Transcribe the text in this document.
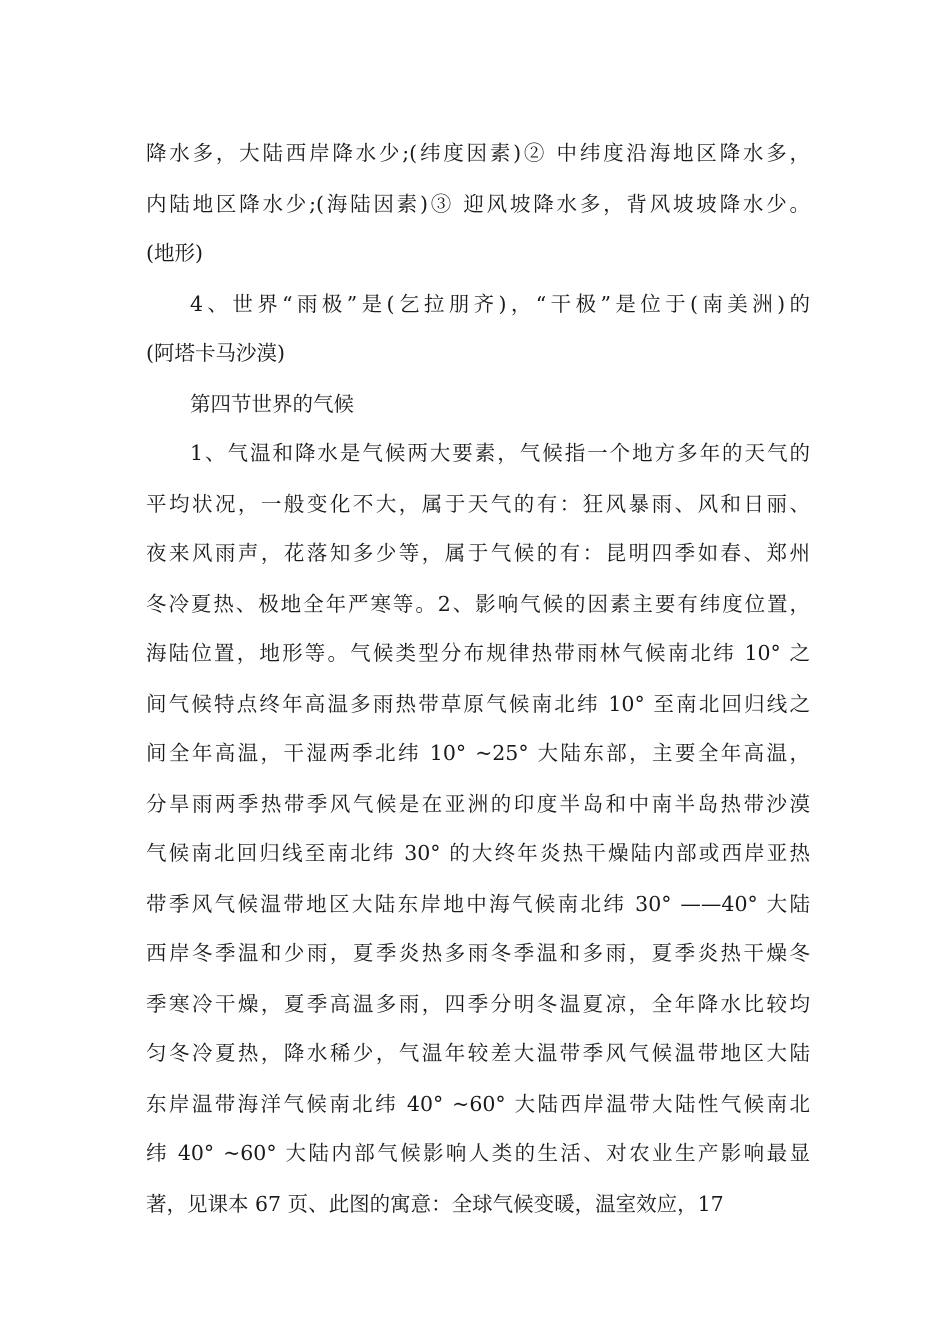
降水多，大陆西岸降水少;(纬度因素)② 中纬度沿海地区降水多，
内陆地区降水少;(海陆因素)③ 迎风坡降水多，背风坡坡降水少。
(地形)
4、世界“雨极”是(乞拉朋齐)，“干极”是位于(南美洲)的
(阿塔卡马沙漠)
第四节世界的气候
1、气温和降水是气候两大要素，气候指一个地方多年的天气的
平均状况，一般变化不大，属于天气的有：狂风暴雨、风和日丽、
夜来风雨声，花落知多少等，属于气候的有：昆明四季如春、郑州
冬冷夏热、极地全年严寒等。2、影响气候的因素主要有纬度位置，
海陆位置，地形等。气候类型分布规律热带雨林气候南北纬 10° 之
间气候特点终年高温多雨热带草原气候南北纬 10° 至南北回归线之
间全年高温，干湿两季北纬 10° ~25° 大陆东部，主要全年高温，
分旱雨两季热带季风气候是在亚洲的印度半岛和中南半岛热带沙漠
气候南北回归线至南北纬 30° 的大终年炎热干燥陆内部或西岸亚热
带季风气候温带地区大陆东岸地中海气候南北纬 30° ——40° 大陆
西岸冬季温和少雨，夏季炎热多雨冬季温和多雨，夏季炎热干燥冬
季寒冷干燥，夏季高温多雨，四季分明冬温夏凉，全年降水比较均
匀冬冷夏热，降水稀少，气温年较差大温带季风气候温带地区大陆
东岸温带海洋气候南北纬 40° ~60° 大陆西岸温带大陆性气候南北
纬 40° ~60° 大陆内部气候影响人类的生活、对农业生产影响最显
著，见课本 67 页、此图的寓意：全球气候变暖，温室效应，17
